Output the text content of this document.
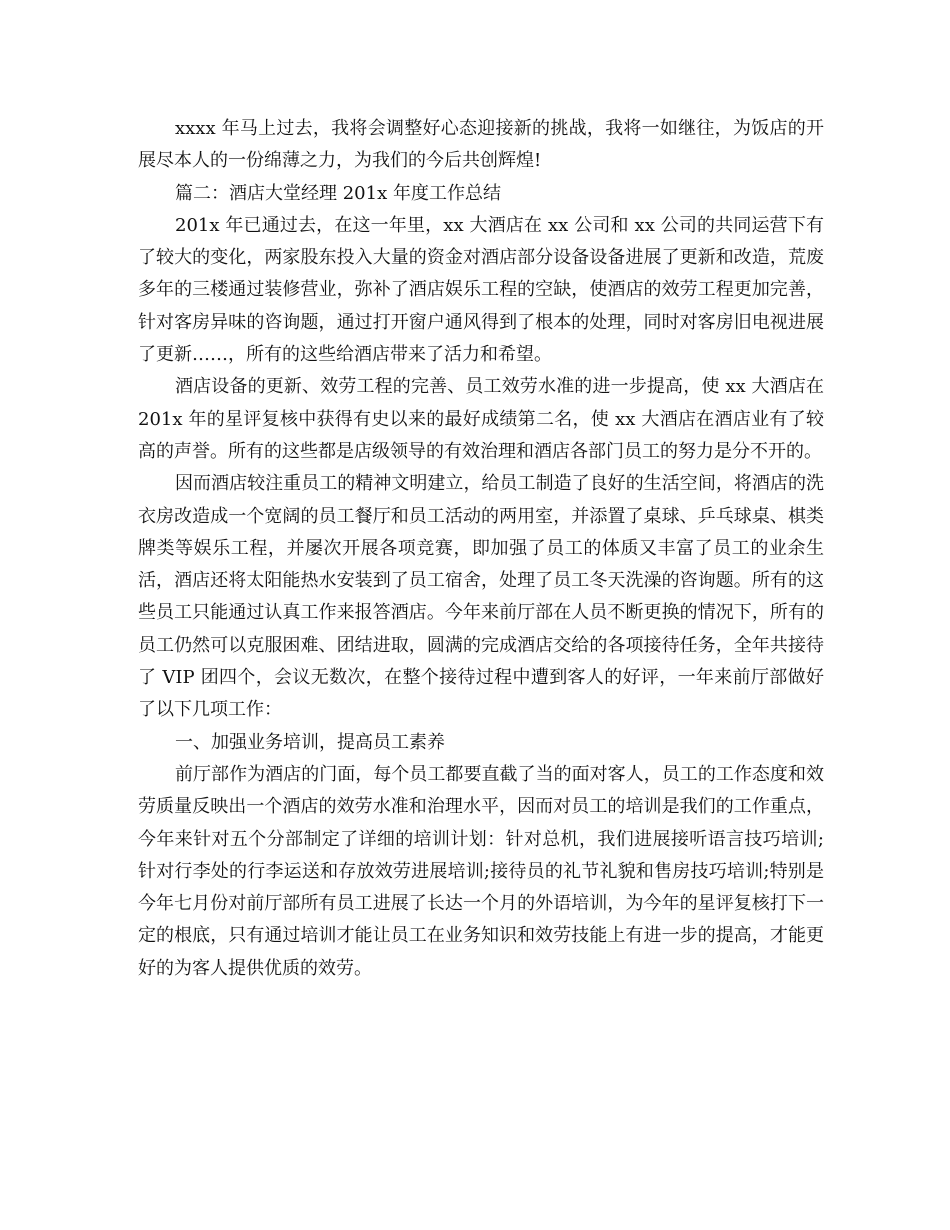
xxxx 年马上过去，我将会调整好心态迎接新的挑战，我将一如继往，为饭店的开展尽本人的一份绵薄之力，为我们的今后共创辉煌!

篇二：酒店大堂经理 201x 年度工作总结

201x 年已通过去，在这一年里，xx 大酒店在 xx 公司和 xx 公司的共同运营下有了较大的变化，两家股东投入大量的资金对酒店部分设备设备进展了更新和改造，荒废多年的三楼通过装修营业，弥补了酒店娱乐工程的空缺，使酒店的效劳工程更加完善，针对客房异味的咨询题，通过打开窗户通风得到了根本的处理，同时对客房旧电视进展了更新……，所有的这些给酒店带来了活力和希望。

酒店设备的更新、效劳工程的完善、员工效劳水准的进一步提高，使 xx 大酒店在 201x 年的星评复核中获得有史以来的最好成绩第二名，使 xx 大酒店在酒店业有了较高的声誉。所有的这些都是店级领导的有效治理和酒店各部门员工的努力是分不开的。

因而酒店较注重员工的精神文明建立，给员工制造了良好的生活空间，将酒店的洗衣房改造成一个宽阔的员工餐厅和员工活动的两用室，并添置了桌球、乒乓球桌、棋类牌类等娱乐工程，并屡次开展各项竞赛，即加强了员工的体质又丰富了员工的业余生活，酒店还将太阳能热水安装到了员工宿舍，处理了员工冬天洗澡的咨询题。所有的这些员工只能通过认真工作来报答酒店。今年来前厅部在人员不断更换的情况下，所有的员工仍然可以克服困难、团结进取，圆满的完成酒店交给的各项接待任务，全年共接待了 VIP 团四个，会议无数次，在整个接待过程中遭到客人的好评，一年来前厅部做好了以下几项工作：

一、加强业务培训，提高员工素养

前厅部作为酒店的门面，每个员工都要直截了当的面对客人，员工的工作态度和效劳质量反映出一个酒店的效劳水准和治理水平，因而对员工的培训是我们的工作重点，今年来针对五个分部制定了详细的培训计划：针对总机，我们进展接听语言技巧培训;针对行李处的行李运送和存放效劳进展培训;接待员的礼节礼貌和售房技巧培训;特别是今年七月份对前厅部所有员工进展了长达一个月的外语培训，为今年的星评复核打下一定的根底，只有通过培训才能让员工在业务知识和效劳技能上有进一步的提高，才能更好的为客人提供优质的效劳。
